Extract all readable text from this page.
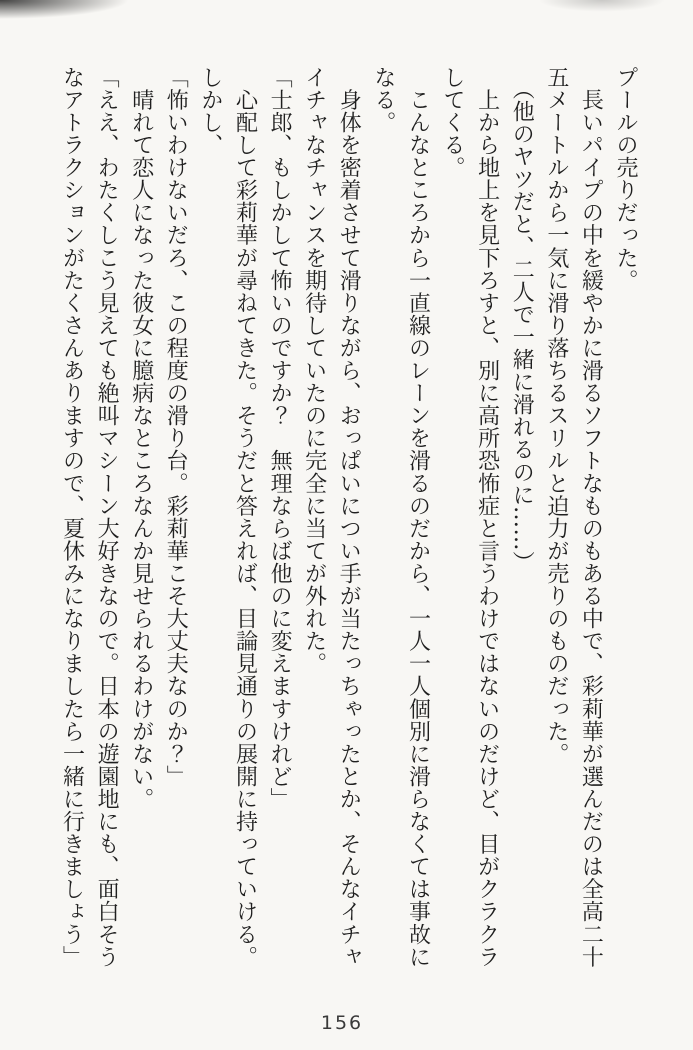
プールの売りだった。

　長いパイプの中を緩やかに滑るソフトなものもある中で、彩莉華が選んだのは全高二十

五メートルから一気に滑り落ちるスリルと迫力が売りのものだった。

　（他のヤツだと、二人で一緒に滑れるのに……）

　上から地上を見下ろすと、別に高所恐怖症と言うわけではないのだけど、目がクラクラ

してくる。

　こんなところから一直線のレーンを滑るのだから、一人一人個別に滑らなくては事故に

なる。

　身体を密着させて滑りながら、おっぱいについ手が当たっちゃったとか、そんなイチャ

イチャなチャンスを期待していたのに完全に当てが外れた。

「士郎、もしかして怖いのですか？　無理ならば他のに変えますけれど」

　心配して彩莉華が尋ねてきた。そうだと答えれば、目論見通りの展開に持っていける。

しかし、

「怖いわけないだろ、この程度の滑り台。彩莉華こそ大丈夫なのか？」

　晴れて恋人になった彼女に臆病なところなんか見せられるわけがない。

「ええ、わたくしこう見えても絶叫マシーン大好きなので。日本の遊園地にも、面白そう

なアトラクションがたくさんありますので、夏休みになりましたら一緒に行きましょう」

156
